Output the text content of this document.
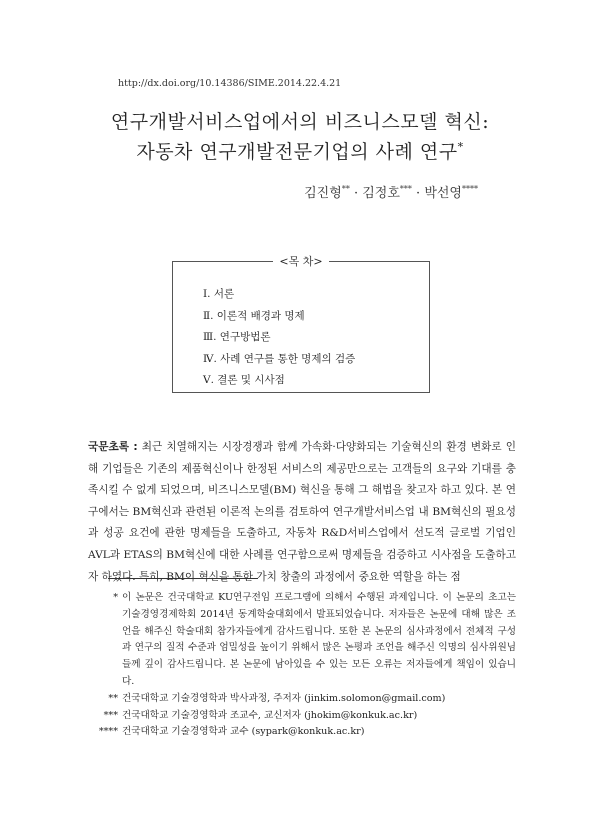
http://dx.doi.org/10.14386/SIME.2014.22.4.21
연구개발서비스업에서의 비즈니스모델 혁신:
자동차 연구개발전문기업의 사례 연구*
김진형** · 김정호*** · 박선영****
<목 차>
Ⅰ. 서론
Ⅱ. 이론적 배경과 명제
Ⅲ. 연구방법론
Ⅳ. 사례 연구를 통한 명제의 검증
Ⅴ. 결론 및 시사점
국문초록 : 최근 치열해지는 시장경쟁과 함께 가속화·다양화되는 기술혁신의 환경 변화로 인해 기업들은 기존의 제품혁신이나 한정된 서비스의 제공만으로는 고객들의 요구와 기대를 충족시킬 수 없게 되었으며, 비즈니스모델(BM) 혁신을 통해 그 해법을 찾고자 하고 있다. 본 연구에서는 BM혁신과 관련된 이론적 논의를 검토하여 연구개발서비스업 내 BM혁신의 필요성과 성공 요건에 관한 명제들을 도출하고, 자동차 R&D서비스업에서 선도적 글로벌 기업인 AVL과 ETAS의 BM혁신에 대한 사례를 연구함으로써 명제들을 검증하고 시사점을 도출하고자 하였다. 특히, BM이 혁신을 통한 가치 창출의 과정에서 중요한 역할을 하는 점
* 이 논문은 건국대학교 KU연구전임 프로그램에 의해서 수행된 과제입니다. 이 논문의 초고는 기술경영경제학회 2014년 동계학술대회에서 발표되었습니다. 저자들은 논문에 대해 많은 조언을 해주신 학술대회 참가자들에게 감사드립니다. 또한 본 논문의 심사과정에서 전체적 구성과 연구의 질적 수준과 엄밀성을 높이기 위해서 많은 논평과 조언을 해주신 익명의 심사위원님들께 깊이 감사드립니다. 본 논문에 남아있을 수 있는 모든 오류는 저자들에게 책임이 있습니다.
** 건국대학교 기술경영학과 박사과정, 주저자 (jinkim.solomon@gmail.com)
*** 건국대학교 기술경영학과 조교수, 교신저자 (jhokim@konkuk.ac.kr)
**** 건국대학교 기술경영학과 교수 (sypark@konkuk.ac.kr)
